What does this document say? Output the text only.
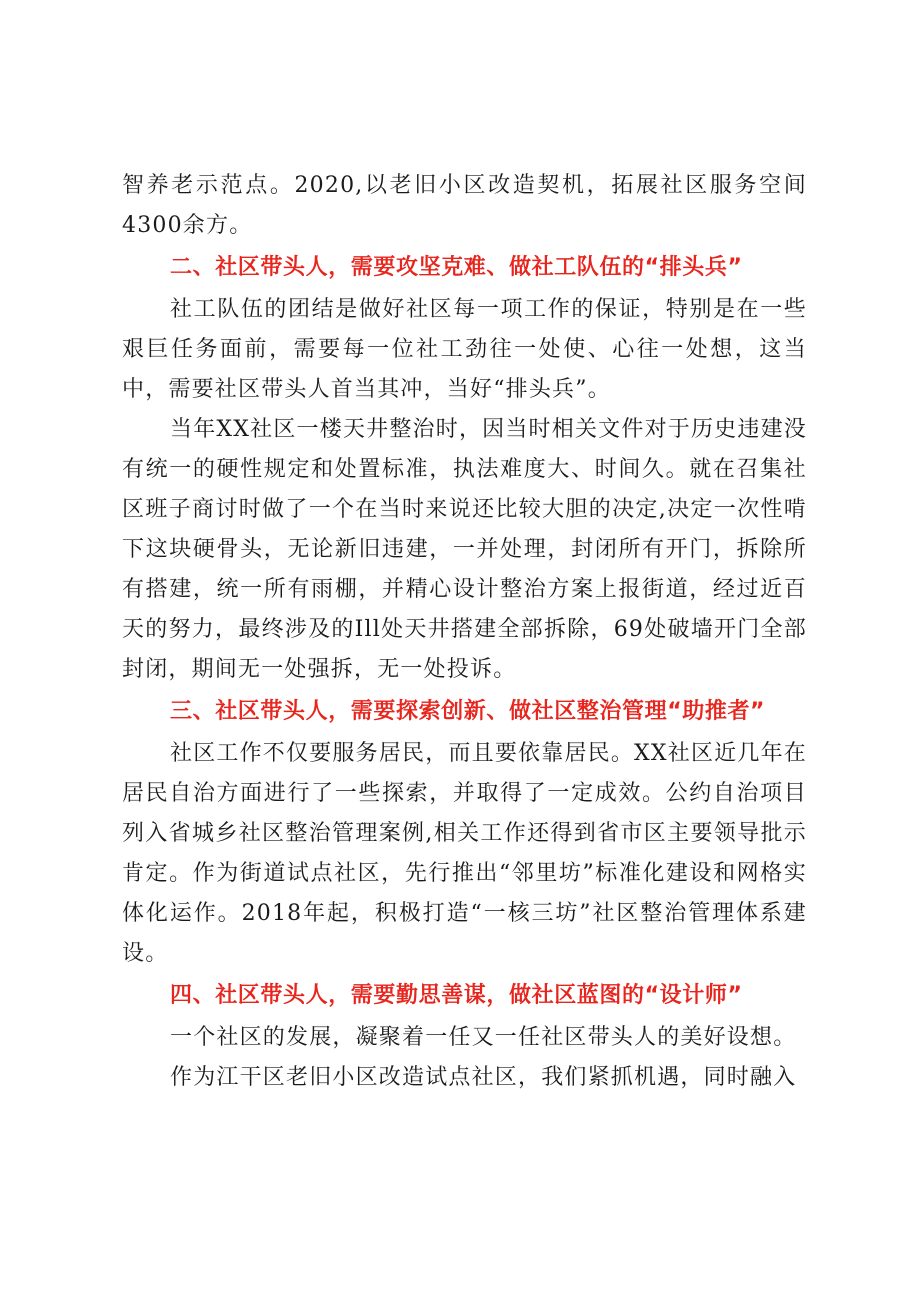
智养老示范点。2020,以老旧小区改造契机，拓展社区服务空间4300余方。

二、社区带头人，需要攻坚克难、做社工队伍的“排头兵”

社工队伍的团结是做好社区每一项工作的保证，特别是在一些艰巨任务面前，需要每一位社工劲往一处使、心往一处想，这当中，需要社区带头人首当其冲，当好“排头兵”。

当年XX社区一楼天井整治时，因当时相关文件对于历史违建没有统一的硬性规定和处置标准，执法难度大、时间久。就在召集社区班子商讨时做了一个在当时来说还比较大胆的决定,决定一次性啃下这块硬骨头，无论新旧违建，一并处理，封闭所有开门，拆除所有搭建，统一所有雨棚，并精心设计整治方案上报街道，经过近百天的努力，最终涉及的Ill处天井搭建全部拆除，69处破墙开门全部封闭，期间无一处强拆，无一处投诉。

三、社区带头人，需要探索创新、做社区整治管理“助推者”

社区工作不仅要服务居民，而且要依靠居民。XX社区近几年在居民自治方面进行了一些探索，并取得了一定成效。公约自治项目列入省城乡社区整治管理案例,相关工作还得到省市区主要领导批示肯定。作为街道试点社区，先行推出“邻里坊”标准化建设和网格实体化运作。2018年起，积极打造“一核三坊”社区整治管理体系建设。

四、社区带头人，需要勤思善谋，做社区蓝图的“设计师”

一个社区的发展，凝聚着一任又一任社区带头人的美好设想。

作为江干区老旧小区改造试点社区，我们紧抓机遇，同时融入
